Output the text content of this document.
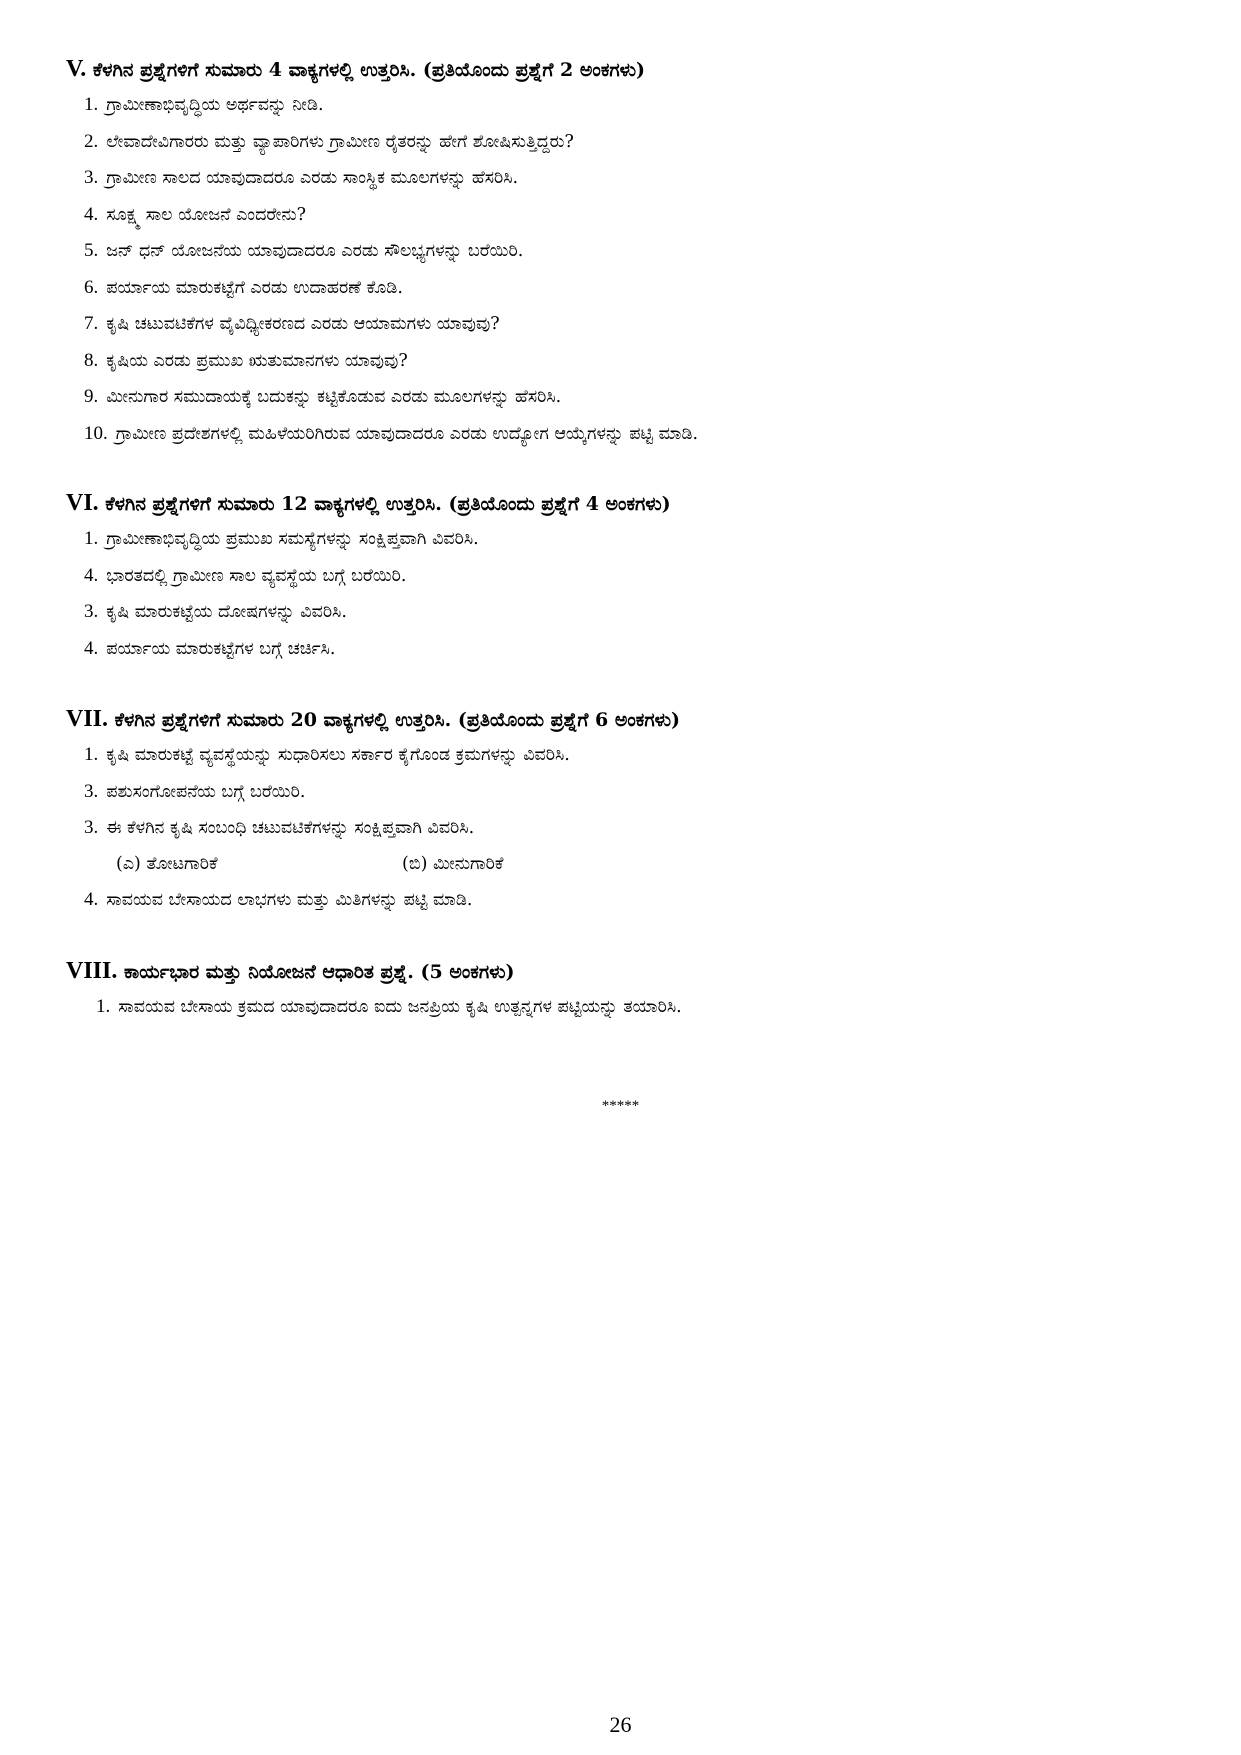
V. ಕೆಳಗಿನ ಪ್ರಶ್ನೆಗಳಿಗೆ ಸುಮಾರು 4 ವಾಕ್ಯಗಳಲ್ಲಿ ಉತ್ತರಿಸಿ. (ಪ್ರತಿಯೊಂದು ಪ್ರಶ್ನೆಗೆ 2 ಅಂಕಗಳು)
1. ಗ್ರಾಮೀಣಾಭಿವೃದ್ಧಿಯ ಅರ್ಥವನ್ನು ನೀಡಿ.
2. ಲೇವಾದೇವಿಗಾರರು ಮತ್ತು ವ್ಯಾಪಾರಿಗಳು ಗ್ರಾಮೀಣ ರೈತರನ್ನು ಹೇಗೆ ಶೋಷಿಸುತ್ತಿದ್ದರು?
3. ಗ್ರಾಮೀಣ ಸಾಲದ ಯಾವುದಾದರೂ ಎರಡು ಸಾಂಸ್ಥಿಕ ಮೂಲಗಳನ್ನು ಹೆಸರಿಸಿ.
4. ಸೂಕ್ಷ್ಮ ಸಾಲ ಯೋಜನೆ ಎಂದರೇನು?
5. ಜನ್ ಧನ್ ಯೋಜನೆಯ ಯಾವುದಾದರೂ ಎರಡು ಸೌಲಭ್ಯಗಳನ್ನು ಬರೆಯಿರಿ.
6. ಪರ್ಯಾಯ ಮಾರುಕಟ್ಟೆಗೆ ಎರಡು ಉದಾಹರಣೆ ಕೊಡಿ.
7. ಕೃಷಿ ಚಟುವಟಿಕೆಗಳ ವೈವಿಧ್ಯೀಕರಣದ ಎರಡು ಆಯಾಮಗಳು ಯಾವುವು?
8. ಕೃಷಿಯ ಎರಡು ಪ್ರಮುಖ ಋತುಮಾನಗಳು ಯಾವುವು?
9. ಮೀನುಗಾರ ಸಮುದಾಯಕ್ಕೆ ಬದುಕನ್ನು ಕಟ್ಟಿಕೊಡುವ ಎರಡು ಮೂಲಗಳನ್ನು ಹೆಸರಿಸಿ.
10. ಗ್ರಾಮೀಣ ಪ್ರದೇಶಗಳಲ್ಲಿ ಮಹಿಳೆಯರಿಗಿರುವ ಯಾವುದಾದರೂ ಎರಡು ಉದ್ಯೋಗ ಆಯ್ಕೆಗಳನ್ನು ಪಟ್ಟಿ ಮಾಡಿ.
VI. ಕೆಳಗಿನ ಪ್ರಶ್ನೆಗಳಿಗೆ ಸುಮಾರು 12 ವಾಕ್ಯಗಳಲ್ಲಿ ಉತ್ತರಿಸಿ. (ಪ್ರತಿಯೊಂದು ಪ್ರಶ್ನೆಗೆ 4 ಅಂಕಗಳು)
1. ಗ್ರಾಮೀಣಾಭಿವೃದ್ಧಿಯ ಪ್ರಮುಖ ಸಮಸ್ಯೆಗಳನ್ನು ಸಂಕ್ಷಿಪ್ತವಾಗಿ ವಿವರಿಸಿ.
4. ಭಾರತದಲ್ಲಿ ಗ್ರಾಮೀಣ ಸಾಲ ವ್ಯವಸ್ಥೆಯ ಬಗ್ಗೆ ಬರೆಯಿರಿ.
3. ಕೃಷಿ ಮಾರುಕಟ್ಟೆಯ ದೋಷಗಳನ್ನು ವಿವರಿಸಿ.
4. ಪರ್ಯಾಯ ಮಾರುಕಟ್ಟೆಗಳ ಬಗ್ಗೆ ಚರ್ಚಿಸಿ.
VII. ಕೆಳಗಿನ ಪ್ರಶ್ನೆಗಳಿಗೆ ಸುಮಾರು 20 ವಾಕ್ಯಗಳಲ್ಲಿ ಉತ್ತರಿಸಿ. (ಪ್ರತಿಯೊಂದು ಪ್ರಶ್ನೆಗೆ 6 ಅಂಕಗಳು)
1. ಕೃಷಿ ಮಾರುಕಟ್ಟೆ ವ್ಯವಸ್ಥೆಯನ್ನು ಸುಧಾರಿಸಲು ಸರ್ಕಾರ ಕೈಗೊಂಡ ಕ್ರಮಗಳನ್ನು ವಿವರಿಸಿ.
3. ಪಶುಸಂಗೋಪನೆಯ ಬಗ್ಗೆ ಬರೆಯಿರಿ.
3. ಈ ಕೆಳಗಿನ ಕೃಷಿ ಸಂಬಂಧಿ ಚಟುವಟಿಕೆಗಳನ್ನು ಸಂಕ್ಷಿಪ್ತವಾಗಿ ವಿವರಿಸಿ.
(ಎ) ತೋಟಗಾರಿಕೆ	(ಬಿ) ಮೀನುಗಾರಿಕೆ
4. ಸಾವಯವ ಬೇಸಾಯದ ಲಾಭಗಳು ಮತ್ತು ಮಿತಿಗಳನ್ನು ಪಟ್ಟಿ ಮಾಡಿ.
VIII. ಕಾರ್ಯಭಾರ ಮತ್ತು ನಿಯೋಜನೆ ಆಧಾರಿತ ಪ್ರಶ್ನೆ. (5 ಅಂಕಗಳು)
1. ಸಾವಯವ ಬೇಸಾಯ ಕ್ರಮದ ಯಾವುದಾದರೂ ಐದು ಜನಪ್ರಿಯ ಕೃಷಿ ಉತ್ಪನ್ನಗಳ ಪಟ್ಟಿಯನ್ನು ತಯಾರಿಸಿ.
*****
26
